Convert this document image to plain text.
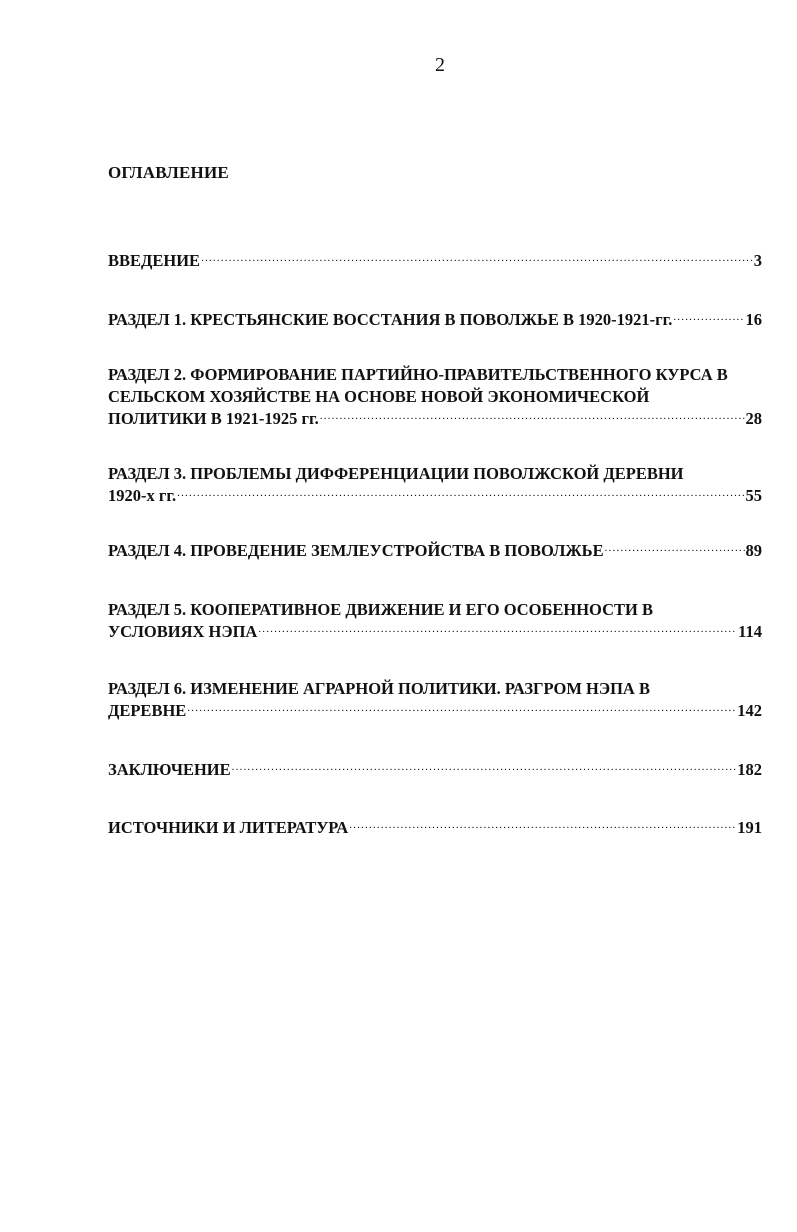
2
ОГЛАВЛЕНИЕ
ВВЕДЕНИЕ .....	3
РАЗДЕЛ 1. КРЕСТЬЯНСКИЕ ВОССТАНИЯ В ПОВОЛЖЬЕ В 1920-1921-гг. .....	16
РАЗДЕЛ 2. ФОРМИРОВАНИЕ ПАРТИЙНО-ПРАВИТЕЛЬСТВЕННОГО КУРСА В
СЕЛЬСКОМ ХОЗЯЙСТВЕ НА ОСНОВЕ НОВОЙ ЭКОНОМИЧЕСКОЙ
ПОЛИТИКИ В 1921-1925 гг. .....	28
РАЗДЕЛ 3. ПРОБЛЕМЫ ДИФФЕРЕНЦИАЦИИ ПОВОЛЖСКОЙ ДЕРЕВНИ
1920-х гг. .....	55
РАЗДЕЛ 4. ПРОВЕДЕНИЕ ЗЕМЛЕУСТРОЙСТВА В ПОВОЛЖЬЕ .....	89
РАЗДЕЛ 5. КООПЕРАТИВНОЕ ДВИЖЕНИЕ И ЕГО ОСОБЕННОСТИ В
УСЛОВИЯХ НЭПА .....	114
РАЗДЕЛ 6. ИЗМЕНЕНИЕ АГРАРНОЙ ПОЛИТИКИ. РАЗГРОМ НЭПА В
ДЕРЕВНЕ .....	142
ЗАКЛЮЧЕНИЕ .....	182
ИСТОЧНИКИ И ЛИТЕРАТУРА .....	191
